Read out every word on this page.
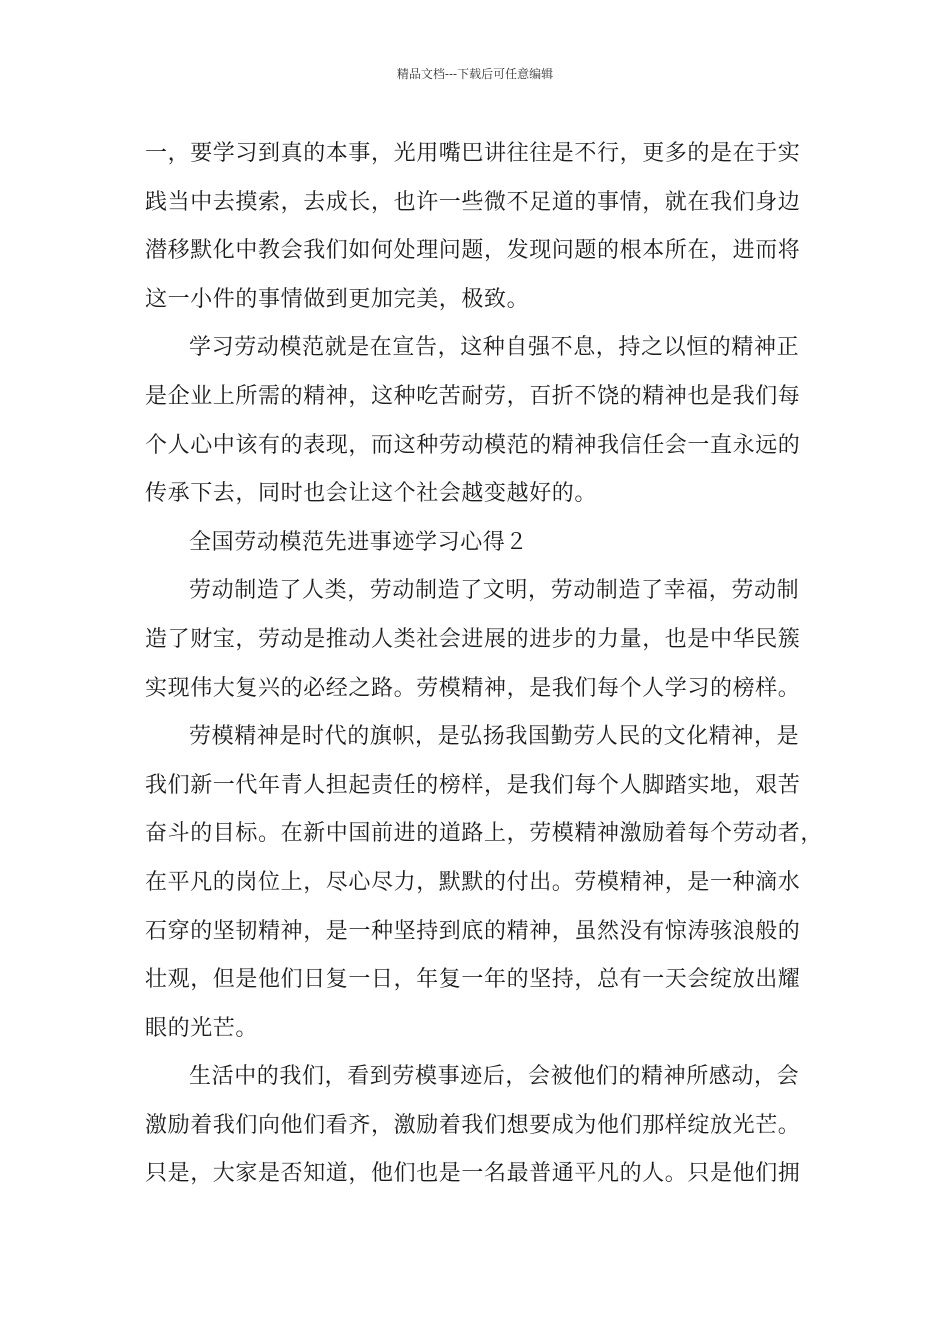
精品文档---下载后可任意编辑
一，要学习到真的本事，光用嘴巴讲往往是不行，更多的是在于实
践当中去摸索，去成长，也许一些微不足道的事情，就在我们身边
潜移默化中教会我们如何处理问题，发现问题的根本所在，进而将
这一小件的事情做到更加完美，极致。
学习劳动模范就是在宣告，这种自强不息，持之以恒的精神正
是企业上所需的精神，这种吃苦耐劳，百折不饶的精神也是我们每
个人心中该有的表现，而这种劳动模范的精神我信任会一直永远的
传承下去，同时也会让这个社会越变越好的。
全国劳动模范先进事迹学习心得２
劳动制造了人类，劳动制造了文明，劳动制造了幸福，劳动制
造了财宝，劳动是推动人类社会进展的进步的力量，也是中华民簇
实现伟大复兴的必经之路。劳模精神，是我们每个人学习的榜样。
劳模精神是时代的旗帜，是弘扬我国勤劳人民的文化精神，是
我们新一代年青人担起责任的榜样，是我们每个人脚踏实地，艰苦
奋斗的目标。在新中国前进的道路上，劳模精神激励着每个劳动者，
在平凡的岗位上，尽心尽力，默默的付出。劳模精神，是一种滴水
石穿的坚韧精神，是一种坚持到底的精神，虽然没有惊涛骇浪般的
壮观，但是他们日复一日，年复一年的坚持，总有一天会绽放出耀
眼的光芒。
生活中的我们，看到劳模事迹后，会被他们的精神所感动，会
激励着我们向他们看齐，激励着我们想要成为他们那样绽放光芒。
只是，大家是否知道，他们也是一名最普通平凡的人。只是他们拥
